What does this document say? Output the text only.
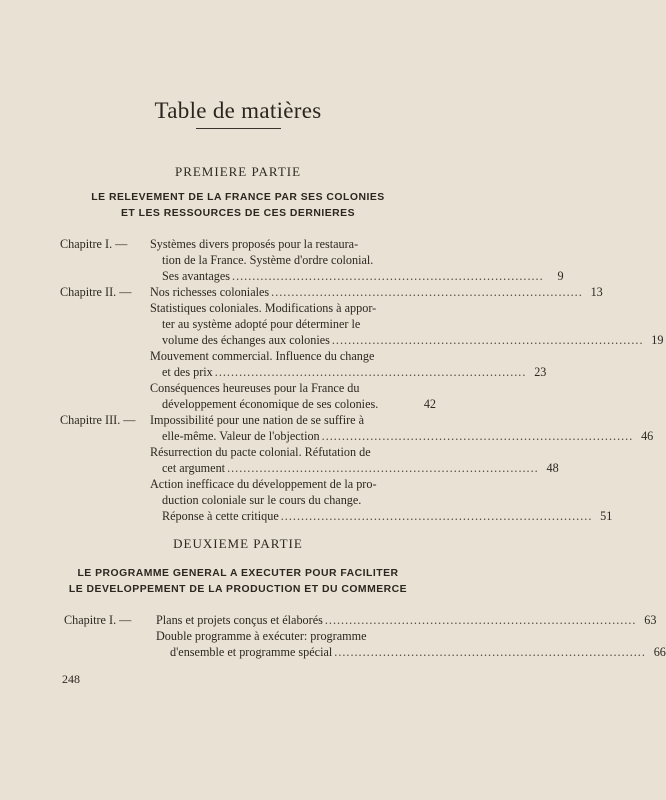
Table de matières
PREMIERE PARTIE
LE RELEVEMENT DE LA FRANCE PAR SES COLONIES
ET LES RESSOURCES DE CES DERNIERES
Chapitre I. — Systèmes divers proposés pour la restaura-
tion de la France. Système d'ordre colonial.
Ses avantages .............................................................................	9
Chapitre II. — Nos richesses coloniales ............................................................................. 13
Statistiques coloniales. Modifications à appor-
ter au système adopté pour déterminer le
volume des échanges aux colonies ............................................................................. 19
Mouvement commercial. Influence du change
et des prix ............................................................................. 23
Conséquences heureuses pour la France du
développement économique de ses colonies.	42
Chapitre III. — Impossibilité pour une nation de se suffire à
elle-même. Valeur de l'objection ............................................................................. 46
Résurrection du pacte colonial. Réfutation de
cet argument ............................................................................. 48
Action inefficace du développement de la pro-
duction coloniale sur le cours du change.
Réponse à cette critique ............................................................................. 51
DEUXIEME PARTIE
LE PROGRAMME GENERAL A EXECUTER POUR FACILITER
LE DEVELOPPEMENT DE LA PRODUCTION ET DU COMMERCE
Chapitre I. — Plans et projets conçus et élaborés ............................................................................. 63
Double programme à exécuter: programme
d'ensemble et programme spécial ............................................................................. 66
248
